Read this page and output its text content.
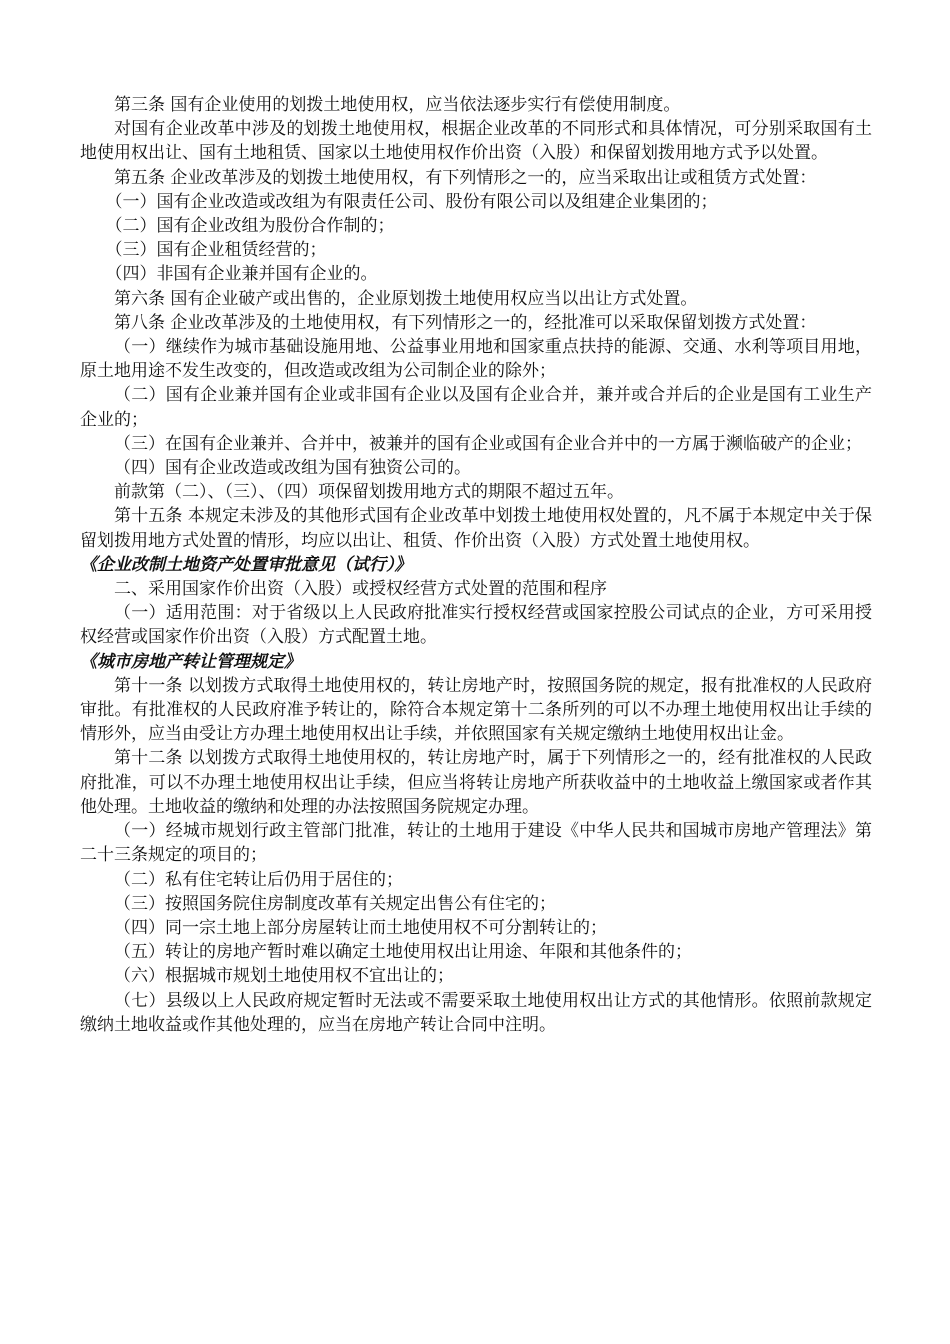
第三条 国有企业使用的划拨土地使用权，应当依法逐步实行有偿使用制度。

对国有企业改革中涉及的划拨土地使用权，根据企业改革的不同形式和具体情况，可分别采取国有土地使用权出让、国有土地租赁、国家以土地使用权作价出资（入股）和保留划拨用地方式予以处置。

第五条 企业改革涉及的划拨土地使用权，有下列情形之一的，应当采取出让或租赁方式处置：

（一）国有企业改造或改组为有限责任公司、股份有限公司以及组建企业集团的；

（二）国有企业改组为股份合作制的；

（三）国有企业租赁经营的；

（四）非国有企业兼并国有企业的。

第六条 国有企业破产或出售的，企业原划拨土地使用权应当以出让方式处置。

第八条 企业改革涉及的土地使用权，有下列情形之一的，经批准可以采取保留划拨方式处置：

（一）继续作为城市基础设施用地、公益事业用地和国家重点扶持的能源、交通、水利等项目用地，原土地用途不发生改变的，但改造或改组为公司制企业的除外；

（二）国有企业兼并国有企业或非国有企业以及国有企业合并，兼并或合并后的企业是国有工业生产企业的；

（三）在国有企业兼并、合并中，被兼并的国有企业或国有企业合并中的一方属于濒临破产的企业；

（四）国有企业改造或改组为国有独资公司的。

前款第（二）、（三）、（四）项保留划拨用地方式的期限不超过五年。

第十五条 本规定未涉及的其他形式国有企业改革中划拨土地使用权处置的，凡不属于本规定中关于保留划拨用地方式处置的情形，均应以出让、租赁、作价出资（入股）方式处置土地使用权。

《企业改制土地资产处置审批意见（试行）》

二、采用国家作价出资（入股）或授权经营方式处置的范围和程序

（一）适用范围：对于省级以上人民政府批准实行授权经营或国家控股公司试点的企业，方可采用授权经营或国家作价出资（入股）方式配置土地。

《城市房地产转让管理规定》

第十一条 以划拨方式取得土地使用权的，转让房地产时，按照国务院的规定，报有批准权的人民政府审批。有批准权的人民政府准予转让的，除符合本规定第十二条所列的可以不办理土地使用权出让手续的情形外，应当由受让方办理土地使用权出让手续，并依照国家有关规定缴纳土地使用权出让金。

第十二条 以划拨方式取得土地使用权的，转让房地产时，属于下列情形之一的，经有批准权的人民政府批准，可以不办理土地使用权出让手续，但应当将转让房地产所获收益中的土地收益上缴国家或者作其他处理。土地收益的缴纳和处理的办法按照国务院规定办理。

（一）经城市规划行政主管部门批准，转让的土地用于建设《中华人民共和国城市房地产管理法》第二十三条规定的项目的；

（二）私有住宅转让后仍用于居住的；

（三）按照国务院住房制度改革有关规定出售公有住宅的；

（四）同一宗土地上部分房屋转让而土地使用权不可分割转让的；

（五）转让的房地产暂时难以确定土地使用权出让用途、年限和其他条件的；

（六）根据城市规划土地使用权不宜出让的；

（七）县级以上人民政府规定暂时无法或不需要采取土地使用权出让方式的其他情形。依照前款规定缴纳土地收益或作其他处理的，应当在房地产转让合同中注明。
